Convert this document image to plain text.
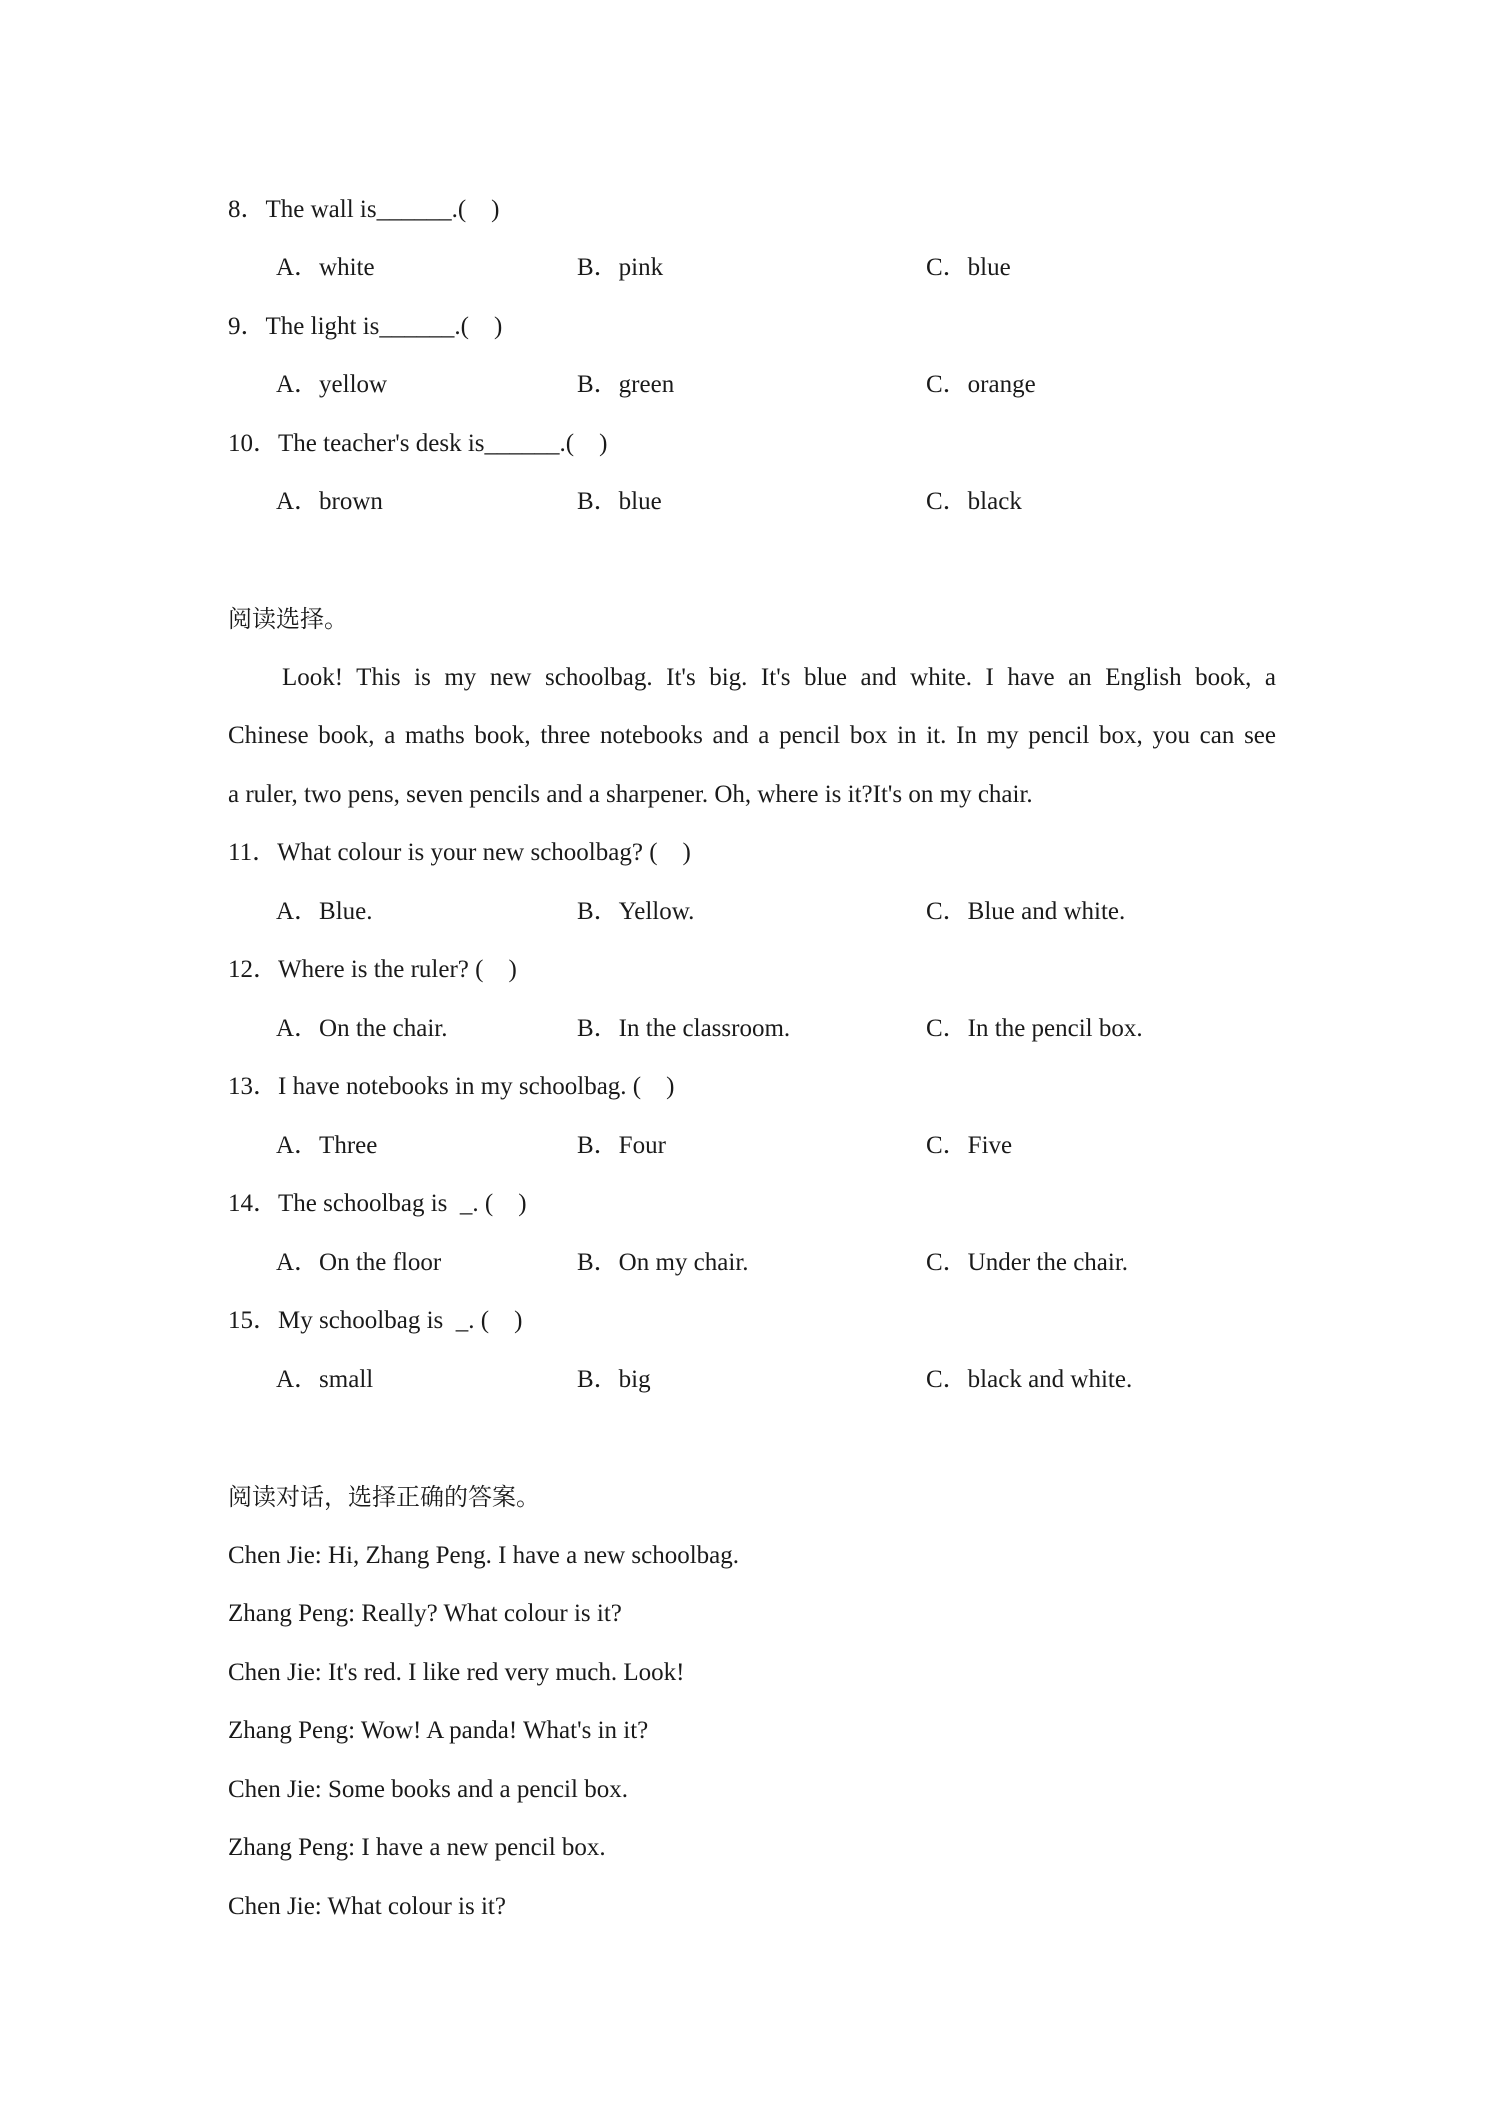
8．The wall is______.(　)
A．white	B．pink	C．blue
9．The light is______.(　)
A．yellow	B．green	C．orange
10．The teacher's desk is______.(　)
A．brown	B．blue	C．black
阅读选择。
Look! This is my new schoolbag. It's big. It's blue and white. I have an English book, a
Chinese book, a maths book, three notebooks and a pencil box in it. In my pencil box, you can see
a ruler, two pens, seven pencils and a sharpener. Oh, where is it?It's on my chair.
11．What colour is your new schoolbag? (　)
A．Blue.	B．Yellow.	C．Blue and white.
12．Where is the ruler? (　)
A．On the chair.	B．In the classroom.	C．In the pencil box.
13．I have notebooks in my schoolbag. (　)
A．Three	B．Four	C．Five
14．The schoolbag is  _. (　)
A．On the floor	B．On my chair.	C．Under the chair.
15．My schoolbag is  _. (　)
A．small	B．big	C．black and white.
阅读对话，选择正确的答案。
Chen Jie: Hi, Zhang Peng. I have a new schoolbag.
Zhang Peng: Really? What colour is it?
Chen Jie: It's red. I like red very much. Look!
Zhang Peng: Wow! A panda! What's in it?
Chen Jie: Some books and a pencil box.
Zhang Peng: I have a new pencil box.
Chen Jie: What colour is it?
